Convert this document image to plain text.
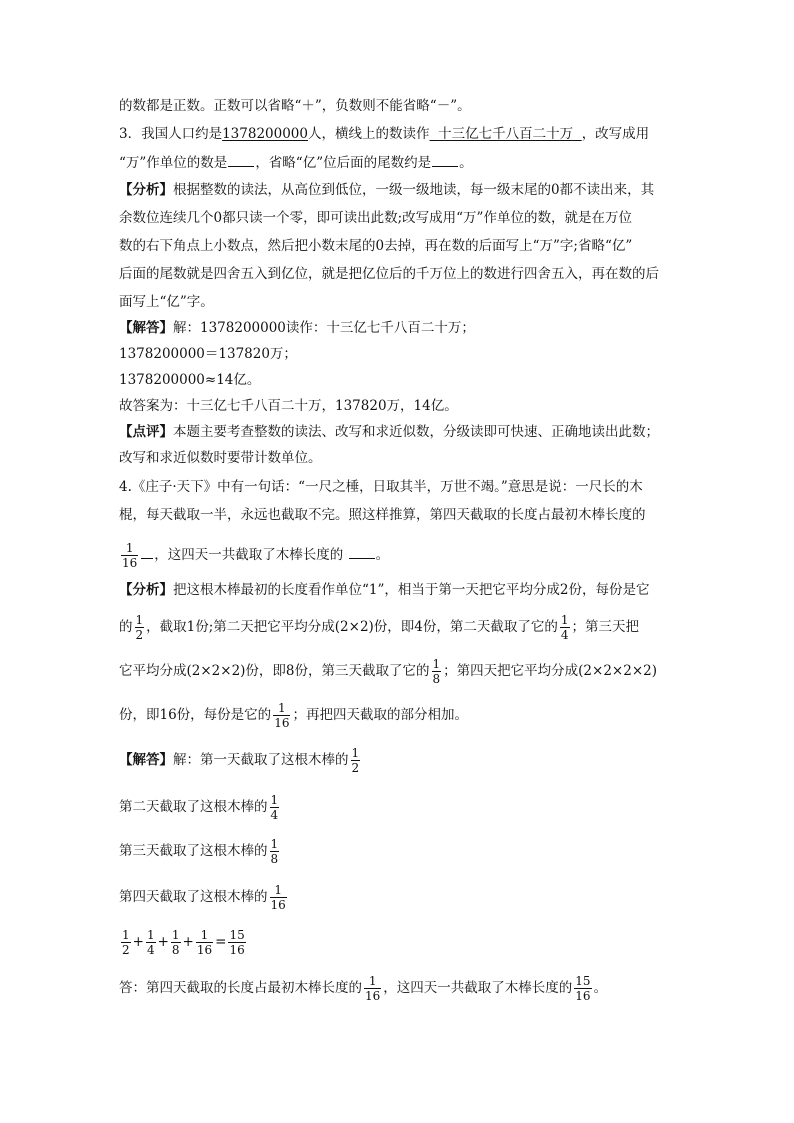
的数都是正数。正数可以省略“＋”，负数则不能省略“－”。
3．我国人口约是1378200000人，横线上的数读作 十三亿七千八百二十万 ，改写成用
“万”作单位的数是 ，省略“亿”位后面的尾数约是 。
【分析】根据整数的读法，从高位到低位，一级一级地读，每一级末尾的0都不读出来，其
余数位连续几个0都只读一个零，即可读出此数;改写成用“万”作单位的数，就是在万位
数的右下角点上小数点，然后把小数末尾的0去掉，再在数的后面写上“万”字;省略“亿”
后面的尾数就是四舍五入到亿位，就是把亿位后的千万位上的数进行四舍五入，再在数的后
面写上“亿”字。
【解答】解：1378200000读作：十三亿七千八百二十万；
1378200000＝137820万；
1378200000≈14亿。
故答案为：十三亿七千八百二十万，137820万，14亿。
【点评】本题主要考查整数的读法、改写和求近似数，分级读即可快速、正确地读出此数；
改写和求近似数时要带计数单位。
4.《庄子·天下》中有一句话：“一尺之棰，日取其半，万世不竭。”意思是说：一尺长的木
棍，每天截取一半，永远也截取不完。照这样推算，第四天截取的长度占最初木棒长度的
$\frac{1}{16}$ ，这四天一共截取了木棒长度的 。
【分析】把这根木棒最初的长度看作单位“1”，相当于第一天把它平均分成2份，每份是它
的 $\frac{1}{2}$ ，截取1份;第二天把它平均分成(2×2)份，即4份，第二天截取了它的 $\frac{1}{4}$ ；第三天把
它平均分成(2×2×2)份，即8份，第三天截取了它的 $\frac{1}{8}$ ；第四天把它平均分成(2×2×2×2)
份，即16份，每份是它的 $\frac{1}{16}$ ；再把四天截取的部分相加。
【解答】解：第一天截取了这根木棒的 $\frac{1}{2}$
第二天截取了这根木棒的 $\frac{1}{4}$
第三天截取了这根木棒的 $\frac{1}{8}$
第四天截取了这根木棒的 $\frac{1}{16}$
$\frac{1}{2} + \frac{1}{4} + \frac{1}{8} + \frac{1}{16} = \frac{15}{16}$
答：第四天截取的长度占最初木棒长度的 $\frac{1}{16}$ ，这四天一共截取了木棒长度的 $\frac{15}{16}$ 。
